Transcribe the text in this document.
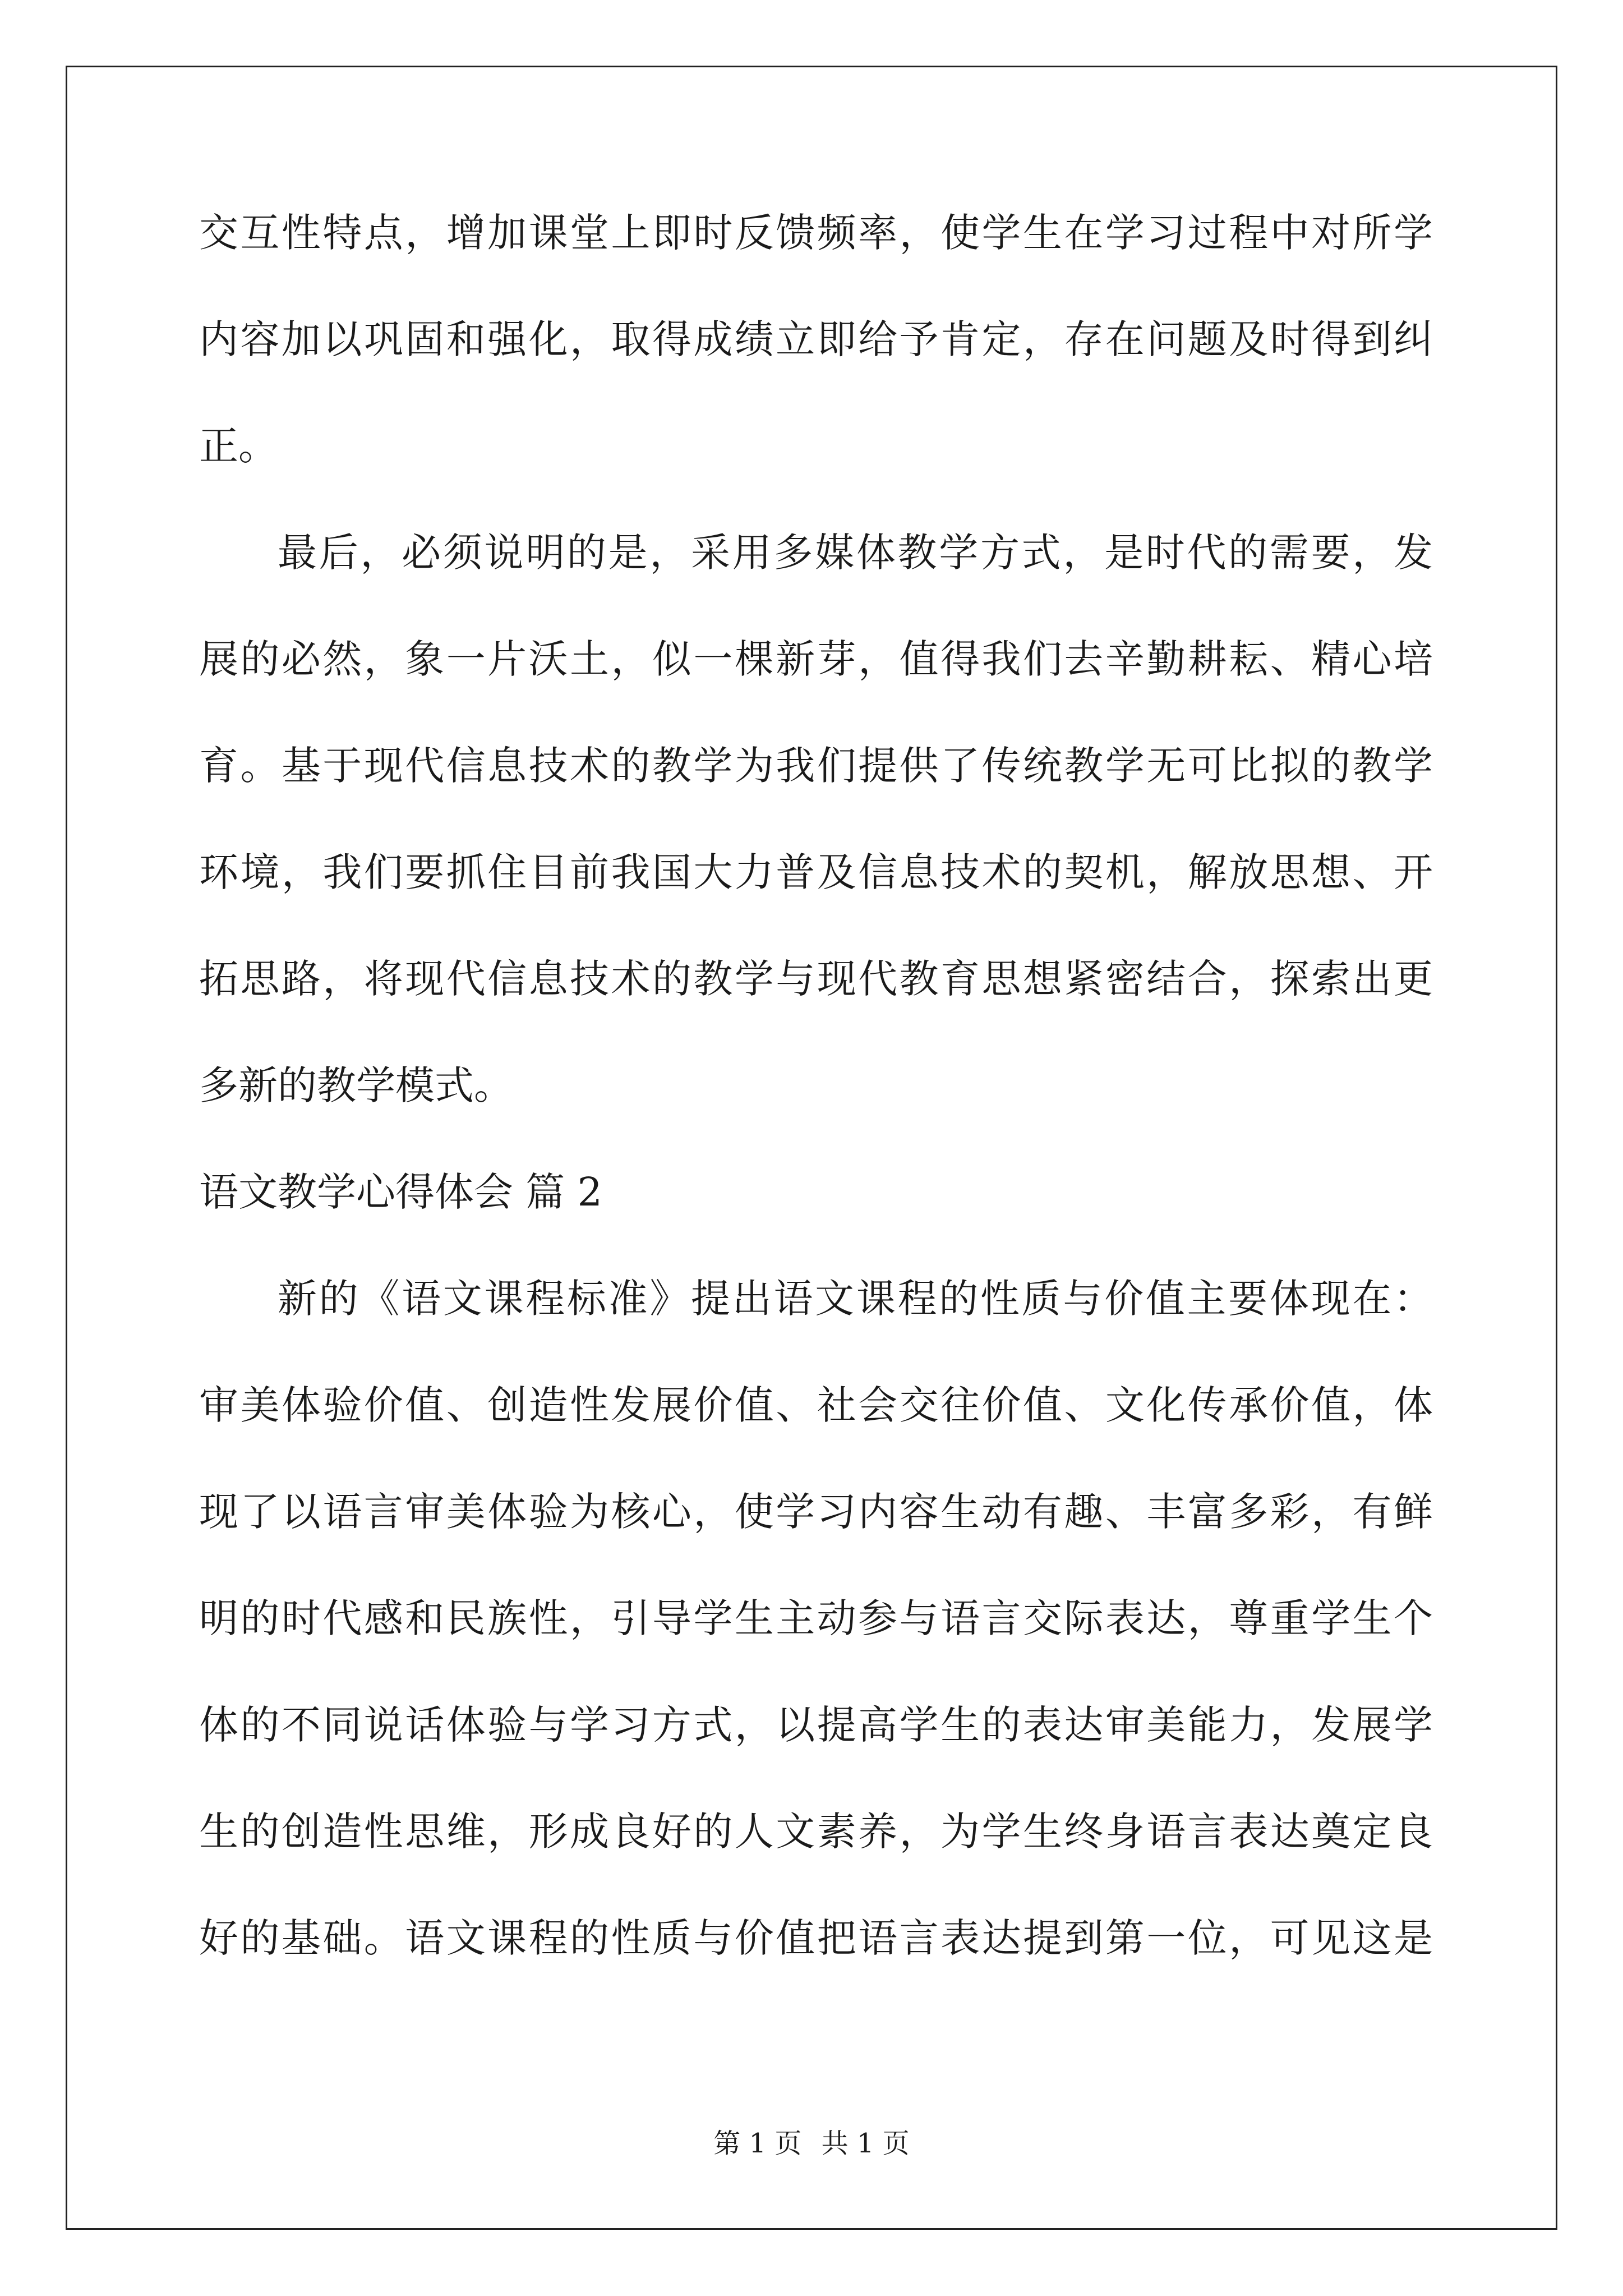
交互性特点，增加课堂上即时反馈频率，使学生在学习过程中对所学
内容加以巩固和强化，取得成绩立即给予肯定，存在问题及时得到纠
正。
最后，必须说明的是，采用多媒体教学方式，是时代的需要，发
展的必然，象一片沃土，似一棵新芽，值得我们去辛勤耕耘、精心培
育。基于现代信息技术的教学为我们提供了传统教学无可比拟的教学
环境，我们要抓住目前我国大力普及信息技术的契机，解放思想、开
拓思路，将现代信息技术的教学与现代教育思想紧密结合，探索出更
多新的教学模式。
语文教学心得体会 篇 2
新的《语文课程标准》提出语文课程的性质与价值主要体现在：
审美体验价值、创造性发展价值、社会交往价值、文化传承价值，体
现了以语言审美体验为核心，使学习内容生动有趣、丰富多彩，有鲜
明的时代感和民族性，引导学生主动参与语言交际表达，尊重学生个
体的不同说话体验与学习方式，以提高学生的表达审美能力，发展学
生的创造性思维，形成良好的人文素养，为学生终身语言表达奠定良
好的基础。语文课程的性质与价值把语言表达提到第一位，可见这是
第 1 页 共 1 页
